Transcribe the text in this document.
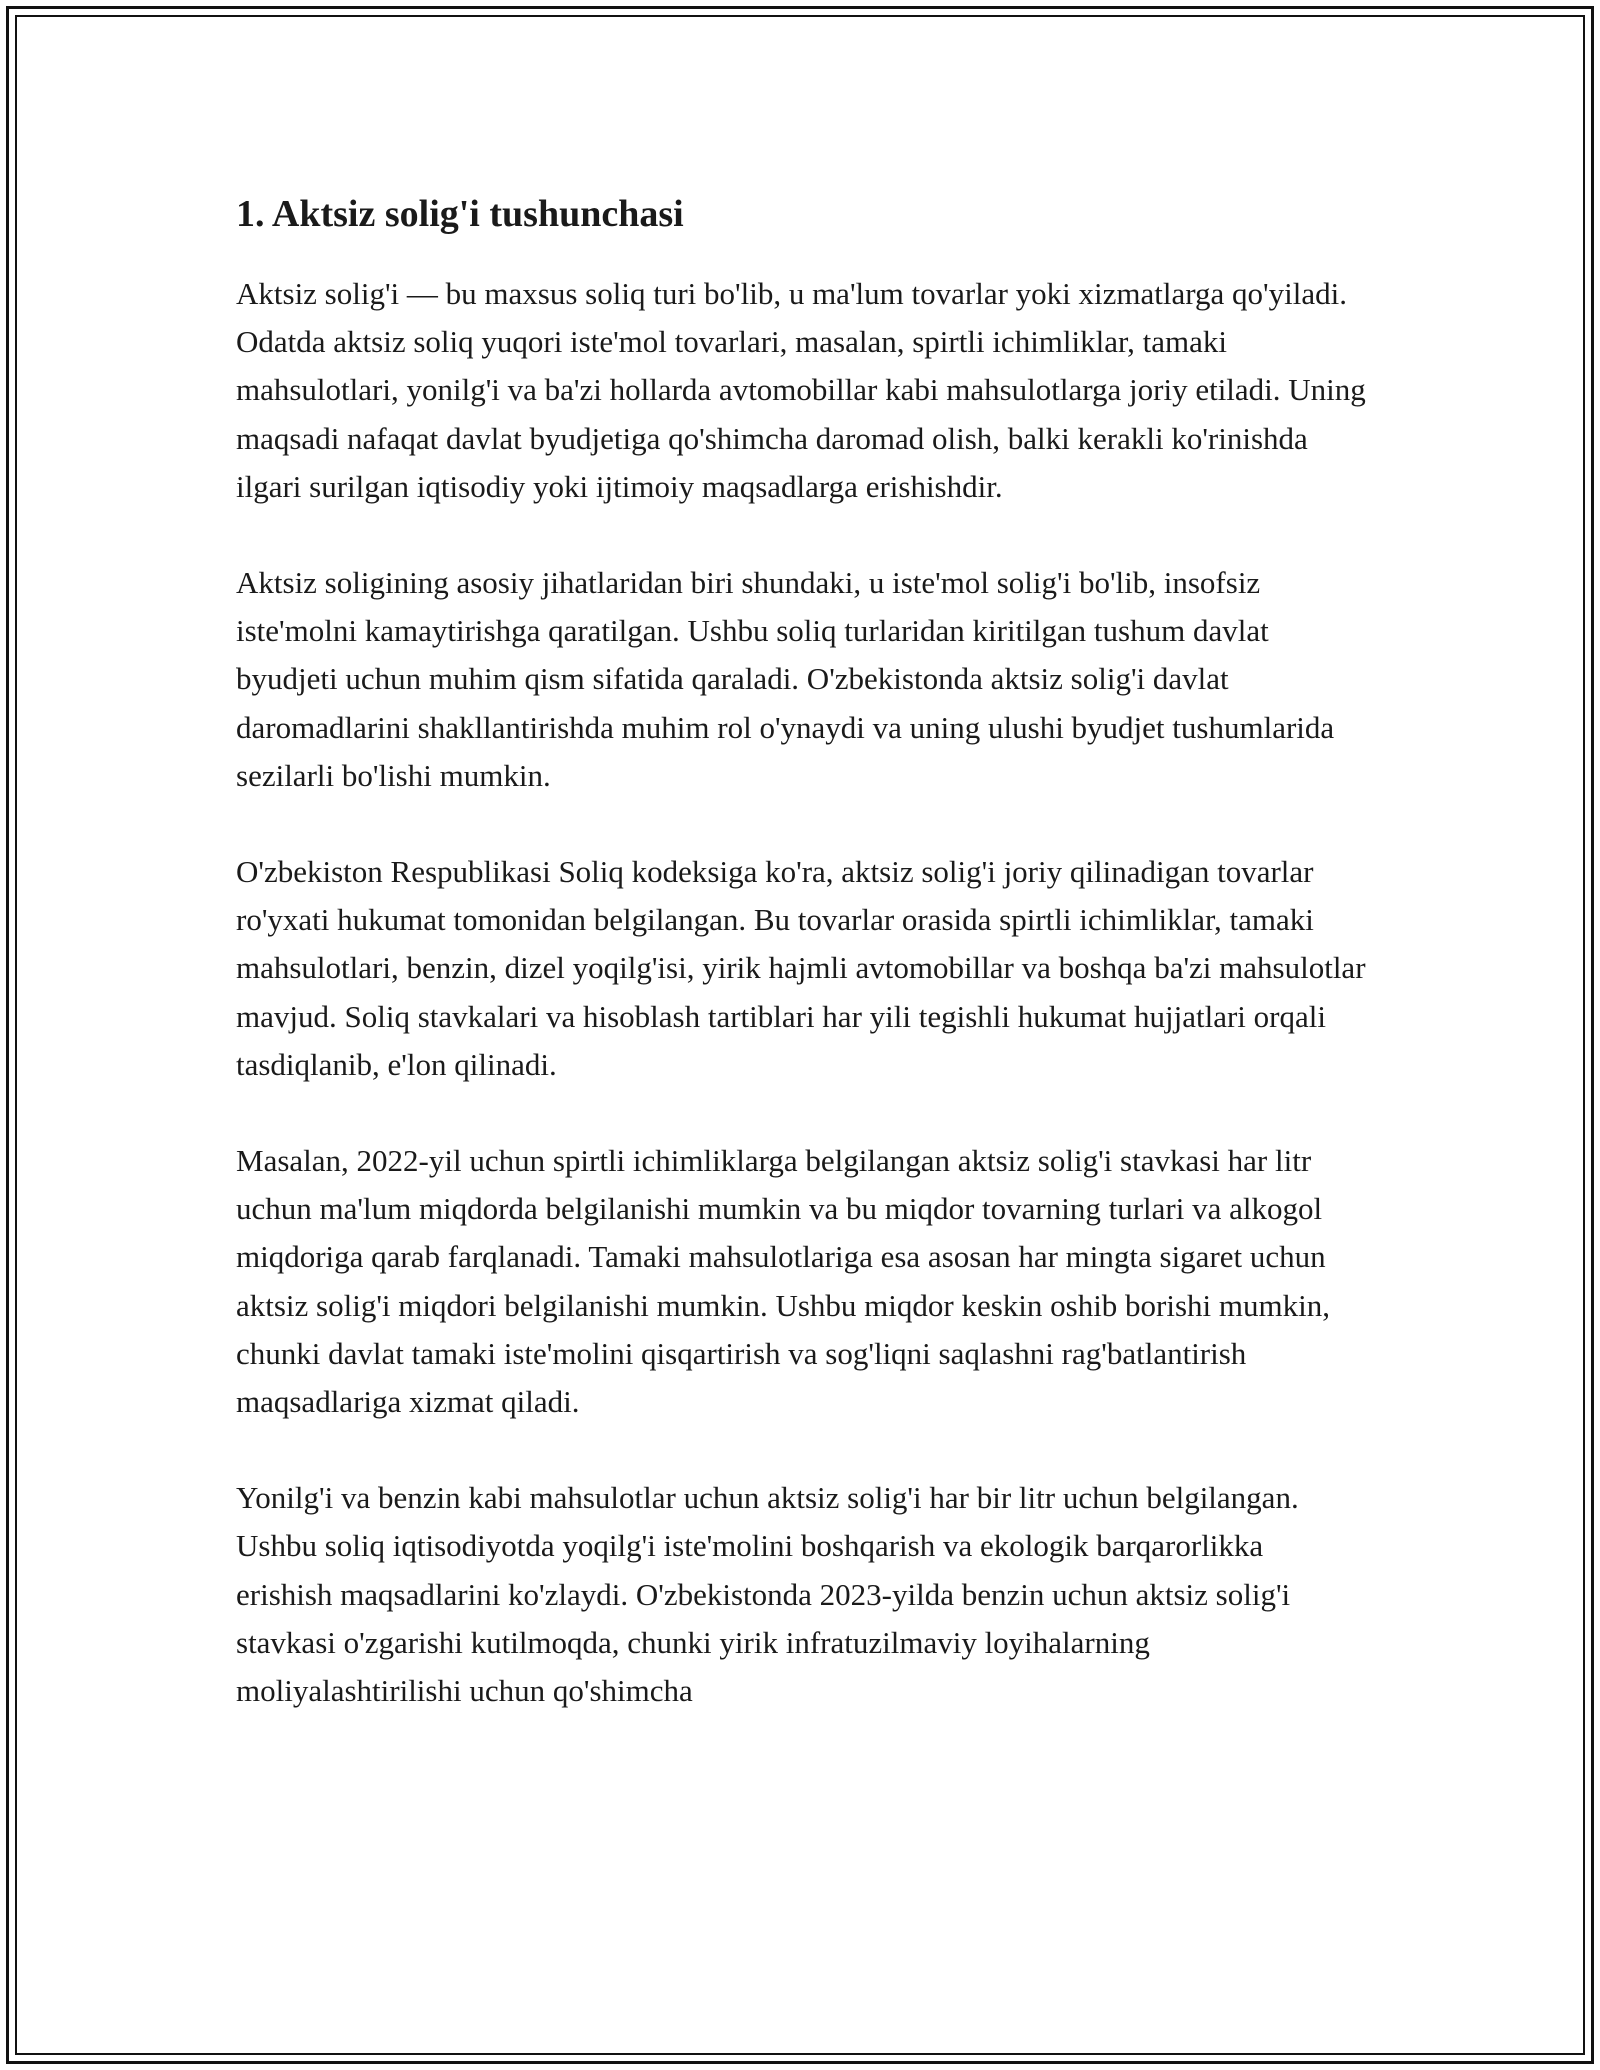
1. Aktsiz solig'i tushunchasi

Aktsiz solig'i — bu maxsus soliq turi bo'lib, u ma'lum tovarlar yoki xizmatlarga qo'yiladi. Odatda aktsiz soliq yuqori iste'mol tovarlari, masalan, spirtli ichimliklar, tamaki mahsulotlari, yonilg'i va ba'zi hollarda avtomobillar kabi mahsulotlarga joriy etiladi. Uning maqsadi nafaqat davlat byudjetiga qo'shimcha daromad olish, balki kerakli ko'rinishda ilgari surilgan iqtisodiy yoki ijtimoiy maqsadlarga erishishdir.

Aktsiz soligining asosiy jihatlaridan biri shundaki, u iste'mol solig'i bo'lib, insofsiz iste'molni kamaytirishga qaratilgan. Ushbu soliq turlaridan kiritilgan tushum davlat byudjeti uchun muhim qism sifatida qaraladi. O'zbekistonda aktsiz solig'i davlat daromadlarini shakllantirishda muhim rol o'ynaydi va uning ulushi byudjet tushumlarida sezilarli bo'lishi mumkin.

O'zbekiston Respublikasi Soliq kodeksiga ko'ra, aktsiz solig'i joriy qilinadigan tovarlar ro'yxati hukumat tomonidan belgilangan. Bu tovarlar orasida spirtli ichimliklar, tamaki mahsulotlari, benzin, dizel yoqilg'isi, yirik hajmli avtomobillar va boshqa ba'zi mahsulotlar mavjud. Soliq stavkalari va hisoblash tartiblari har yili tegishli hukumat hujjatlari orqali tasdiqlanib, e'lon qilinadi.

Masalan, 2022-yil uchun spirtli ichimliklarga belgilangan aktsiz solig'i stavkasi har litr uchun ma'lum miqdorda belgilanishi mumkin va bu miqdor tovarning turlari va alkogol miqdoriga qarab farqlanadi. Tamaki mahsulotlariga esa asosan har mingta sigaret uchun aktsiz solig'i miqdori belgilanishi mumkin. Ushbu miqdor keskin oshib borishi mumkin, chunki davlat tamaki iste'molini qisqartirish va sog'liqni saqlashni rag'batlantirish maqsadlariga xizmat qiladi.

Yonilg'i va benzin kabi mahsulotlar uchun aktsiz solig'i har bir litr uchun belgilangan. Ushbu soliq iqtisodiyotda yoqilg'i iste'molini boshqarish va ekologik barqarorlikka erishish maqsadlarini ko'zlaydi. O'zbekistonda 2023-yilda benzin uchun aktsiz solig'i stavkasi o'zgarishi kutilmoqda, chunki yirik infratuzilmaviy loyihalarning moliyalashtirilishi uchun qo'shimcha
